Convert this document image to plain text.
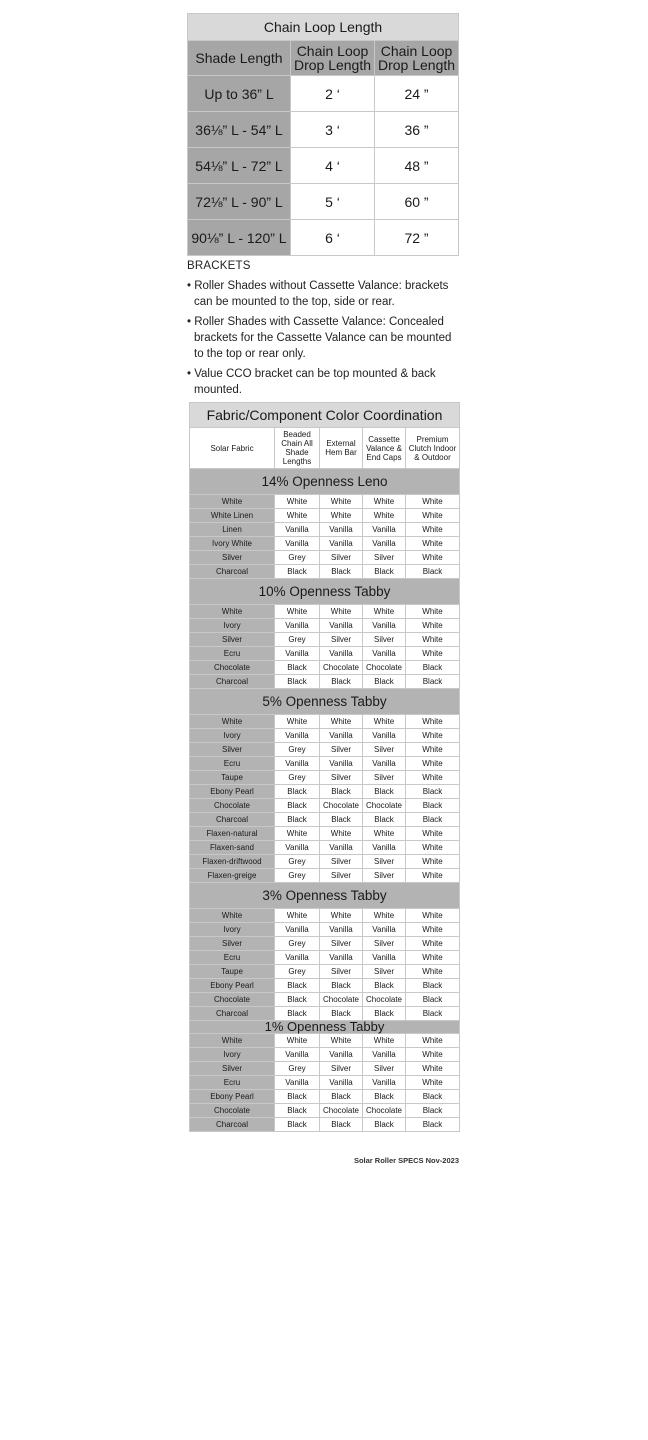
Chain Loop Length		
Shade Length	Chain Loop Drop Length	Chain Loop Drop Length
Up to 36” L	2 ‘	24 ”
36⅛” L - 54” L	3 ‘	36 ”
54⅛” L - 72” L	4 ‘	48 ”
72⅛” L - 90” L	5 ‘	60 ”
90⅛” L - 120” L	6 ‘	72 ”
BRACKETS
• Roller Shades without Cassette Valance: brackets can be mounted to the top, side or rear.
• Roller Shades with Cassette Valance: Concealed brackets for the Cassette Valance can be mounted to the top or rear only.
• Value CCO bracket can be top mounted & back mounted.
Fabric/Component Color Coordination				
Solar Fabric	Beaded Chain All Shade Lengths	External Hem Bar	Cassette Valance & End Caps	Premium Clutch Indoor & Outdoor
14% Openness Leno				
White	White	White	White	White
White Linen	White	White	White	White
Linen	Vanilla	Vanilla	Vanilla	White
Ivory White	Vanilla	Vanilla	Vanilla	White
Silver	Grey	Silver	Silver	White
Charcoal	Black	Black	Black	Black
10% Openness Tabby				
White	White	White	White	White
Ivory	Vanilla	Vanilla	Vanilla	White
Silver	Grey	Silver	Silver	White
Ecru	Vanilla	Vanilla	Vanilla	White
Chocolate	Black	Chocolate	Chocolate	Black
Charcoal	Black	Black	Black	Black
5% Openness Tabby				
White	White	White	White	White
Ivory	Vanilla	Vanilla	Vanilla	White
Silver	Grey	Silver	Silver	White
Ecru	Vanilla	Vanilla	Vanilla	White
Taupe	Grey	Silver	Silver	White
Ebony Pearl	Black	Black	Black	Black
Chocolate	Black	Chocolate	Chocolate	Black
Charcoal	Black	Black	Black	Black
Flaxen-natural	White	White	White	White
Flaxen-sand	Vanilla	Vanilla	Vanilla	White
Flaxen-driftwood	Grey	Silver	Silver	White
Flaxen-greige	Grey	Silver	Silver	White
3% Openness Tabby				
White	White	White	White	White
Ivory	Vanilla	Vanilla	Vanilla	White
Silver	Grey	Silver	Silver	White
Ecru	Vanilla	Vanilla	Vanilla	White
Taupe	Grey	Silver	Silver	White
Ebony Pearl	Black	Black	Black	Black
Chocolate	Black	Chocolate	Chocolate	Black
Charcoal	Black	Black	Black	Black
1% Openness Tabby				
White	White	White	White	White
Ivory	Vanilla	Vanilla	Vanilla	White
Silver	Grey	Silver	Silver	White
Ecru	Vanilla	Vanilla	Vanilla	White
Ebony Pearl	Black	Black	Black	Black
Chocolate	Black	Chocolate	Chocolate	Black
Charcoal	Black	Black	Black	Black
Solar Roller SPECS Nov-2023
